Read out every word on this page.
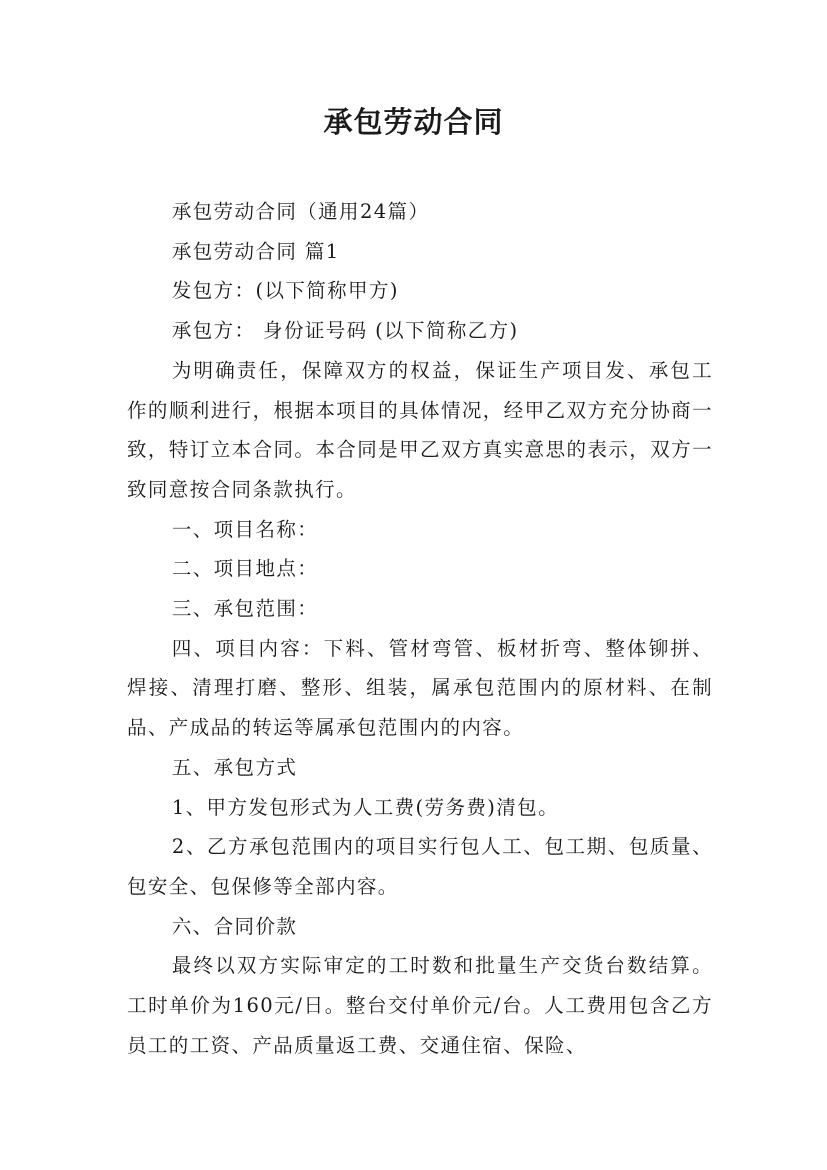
承包劳动合同

承包劳动合同（通用24篇）

承包劳动合同 篇1

发包方：(以下简称甲方)

承包方： 身份证号码 (以下简称乙方)

为明确责任，保障双方的权益，保证生产项目发、承包工作的顺利进行，根据本项目的具体情况，经甲乙双方充分协商一致，特订立本合同。本合同是甲乙双方真实意思的表示，双方一致同意按合同条款执行。

一、项目名称：

二、项目地点：

三、承包范围：

四、项目内容：下料、管材弯管、板材折弯、整体铆拼、焊接、清理打磨、整形、组装，属承包范围内的原材料、在制品、产成品的转运等属承包范围内的内容。

五、承包方式

1、甲方发包形式为人工费(劳务费)清包。

2、乙方承包范围内的项目实行包人工、包工期、包质量、包安全、包保修等全部内容。

六、合同价款

最终以双方实际审定的工时数和批量生产交货台数结算。工时单价为160元/日。整台交付单价元/台。人工费用包含乙方员工的工资、产品质量返工费、交通住宿、保险、
